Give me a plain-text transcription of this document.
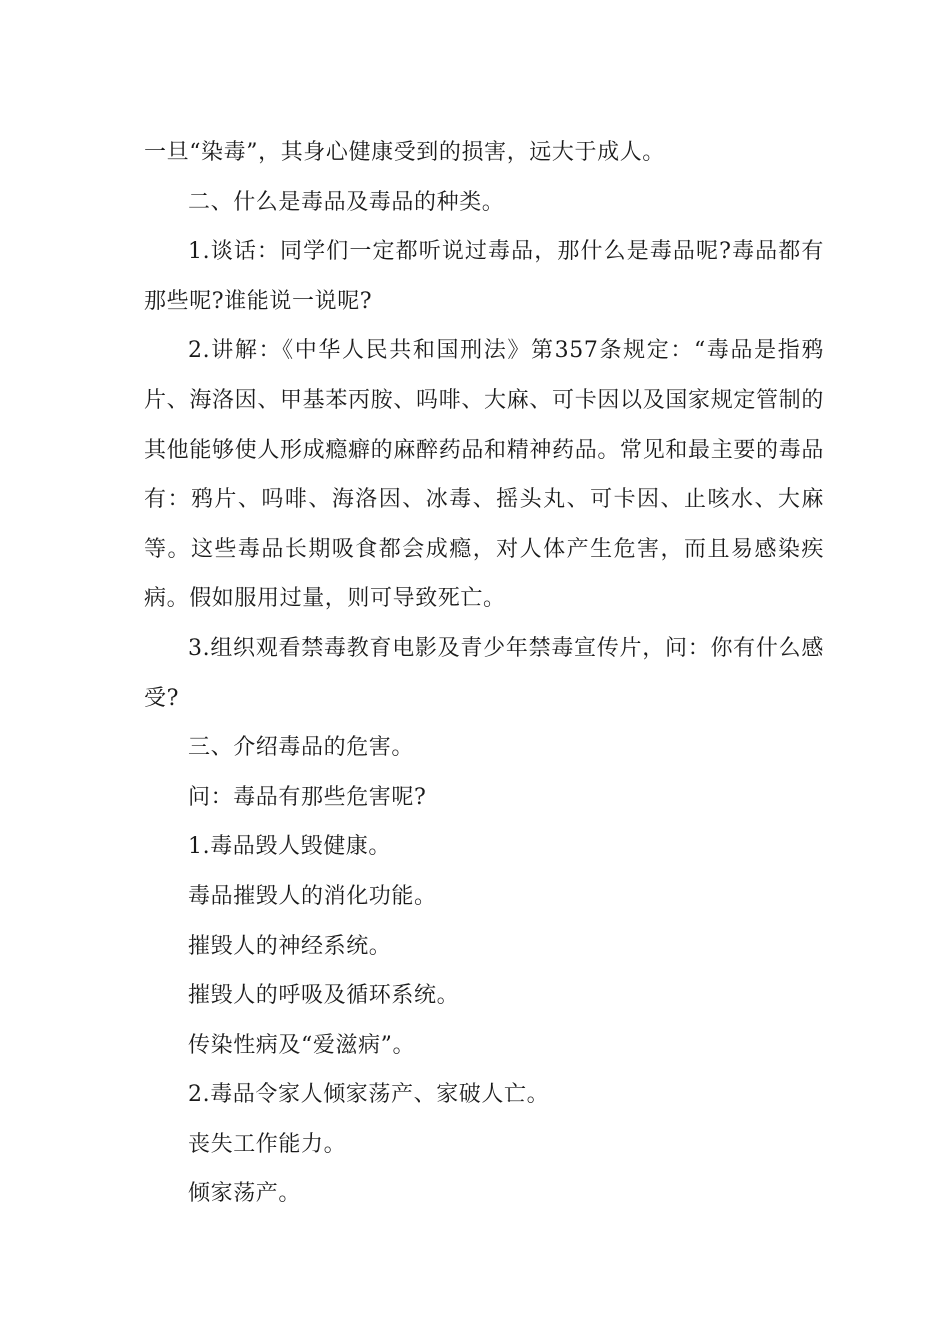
一旦“染毒”，其身心健康受到的损害，远大于成人。

二、什么是毒品及毒品的种类。

1.谈话：同学们一定都听说过毒品，那什么是毒品呢?毒品都有那些呢?谁能说一说呢?

2.讲解：《中华人民共和国刑法》第357条规定：“毒品是指鸦片、海洛因、甲基苯丙胺、吗啡、大麻、可卡因以及国家规定管制的其他能够使人形成瘾癖的麻醉药品和精神药品。常见和最主要的毒品有：鸦片、吗啡、海洛因、冰毒、摇头丸、可卡因、止咳水、大麻等。这些毒品长期吸食都会成瘾，对人体产生危害，而且易感染疾病。假如服用过量，则可导致死亡。

3.组织观看禁毒教育电影及青少年禁毒宣传片，问：你有什么感受?

三、介绍毒品的危害。

问：毒品有那些危害呢?

1.毒品毁人毁健康。

毒品摧毁人的消化功能。

摧毁人的神经系统。

摧毁人的呼吸及循环系统。

传染性病及“爱滋病”。

2.毒品令家人倾家荡产、家破人亡。

丧失工作能力。

倾家荡产。
